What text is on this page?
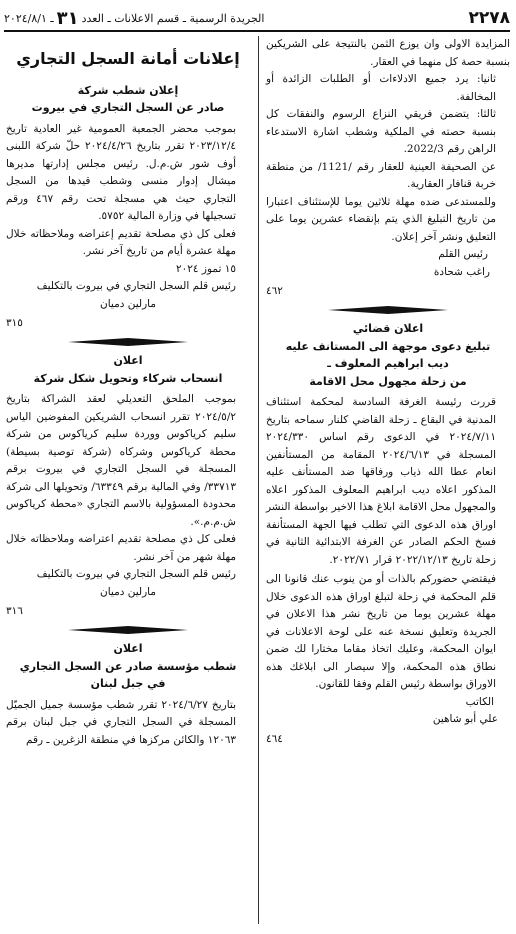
٢٢٧٨
الجريدة الرسمية ـ قسم الاعلانات ـ العدد
٣١
ـ ٢٠٢٤/٨/١

المزايدة الاولى وان يوزع الثمن بالنتيجة على الشريكين بنسبة حصة كل منهما في العقار.

ثانيا: يرد جميع الادلاءات أو الطلبات الزائدة أو المخالفة.

ثالثا: يتضمن فريقي النزاع الرسوم والنفقات كل بنسبة حصته في الملكية وشطب اشارة الاستدعاء الراهن رقم 2022/3.

عن الصحيفة العينية للعقار رقم /1121/ من منطقة خربة قنافار العقارية.

وللمستدعى ضده مهلة ثلاثين يوما للإستئناف اعتبارا من تاريخ التبليغ الذي يتم بإنقضاء عشرين يوما على التعليق ونشر آخر إعلان.

رئيس القلم

راغب شحادة

٤٦٢

اعلان قضائي

تبليغ دعوى موجهة الى المستانف عليه

ديب ابراهيم المعلوف ـ

من زحلة مجهول محل الاقامة

قررت رئيسة الغرفة السادسة لمحكمة استئناف المدنية في البقاع ـ زحلة القاضي كلنار سماحه بتاريخ ٢٠٢٤/٧/١١ في الدعوى رقم اساس ٢٠٢٤/٣٣٠ المسجلة في ٢٠٢٤/٦/١٣ المقامة من المستأنفين انعام عطا الله ذياب ورفاقها ضد المستأنف عليه المذكور اعلاه ديب ابراهيم المعلوف المذكور اعلاه والمجهول محل الاقامة ابلاغ هذا الاخير بواسطة النشر اوراق هذه الدعوى التي تطلب فيها الجهة المستأنفة فسخ الحكم الصادر عن الغرفة الابتدائية الثانية في زحلة تاريخ ٢٠٢٢/١٢/١٣ قرار ٢٠٢٢/٧١.

فيقتضي حضوركم بالذات أو من ينوب عنك قانونا الى قلم المحكمة في زحلة لتبلغ اوراق هذه الدعوى خلال مهلة عشرين يوما من تاريخ نشر هذا الاعلان في الجريدة وتعليق نسخة عنه على لوحة الاعلانات في ايوان المحكمة، وعليك اتخاذ مقاما مختارا لك ضمن نطاق هذه المحكمة، وإلا سيصار الى ابلاغك هذه الاوراق بواسطة رئيس القلم وفقا للقانون.

الكاتب

علي أبو شاهين

٤٦٤

إعلانات أمانة السجل التجاري

إعلان شطب شركة

صادر عن السجل التجاري في بيروت

بموجب محضر الجمعية العمومية غير العادية تاريخ ٢٠٢٣/١٢/٤ تقرر بتاريخ ٢٠٢٤/٤/٢٦ حلّ شركة اللبنى أوف شور ش.م.ل. رئيس مجلس إدارتها مديرها ميشال إدوار منسى وشطب قيدها من السجل التجاري حيث هي مسجلة تحت رقم ٤٦٧ ورقم تسجيلها في وزارة المالية ٥٧٥٢.

فعلى كل ذي مصلحة تقديم إعتراضه وملاحظاته خلال مهلة عشرة أيام من تاريخ آخر نشر.

١٥ تموز ٢٠٢٤

رئيس قلم السجل التجاري في بيروت بالتكليف

مارلين دميان

٣١٥

اعلان

انسحاب شركاء وتحويل شكل شركة

بموجب الملحق التعديلي لعقد الشراكة بتاريخ ٢٠٢٤/٥/٢ تقرر انسحاب الشريكين المفوضين الياس سليم كرياكوس ووردة سليم كرياكوس من شركة محطة كرياكوس وشركاه (شركة توصية بسيطة) المسجلة في السجل التجاري في بيروت برقم ٣٣٧١٣/ وفي المالية برقم ٦٣٣٤٩/ وتحويلها الى شركة محدودة المسؤولية بالاسم التجاري «محطة كرياكوس ش.م.م.».

فعلى كل ذي مصلحة تقديم اعتراضه وملاحظاته خلال مهلة شهر من آخر نشر.

رئيس قلم السجل التجاري في بيروت بالتكليف

مارلين دميان

٣١٦

اعلان

شطب مؤسسة صادر عن السجل التجاري

في جبل لبنان

بتاريخ ٢٠٢٤/٦/٢٧ تقرر شطب مؤسسة جميل الجميّل المسجلة في السجل التجاري في جبل لبنان برقم ١٢٠٦٣ والكائن مركزها في منطقة الزغرين ـ رقم
